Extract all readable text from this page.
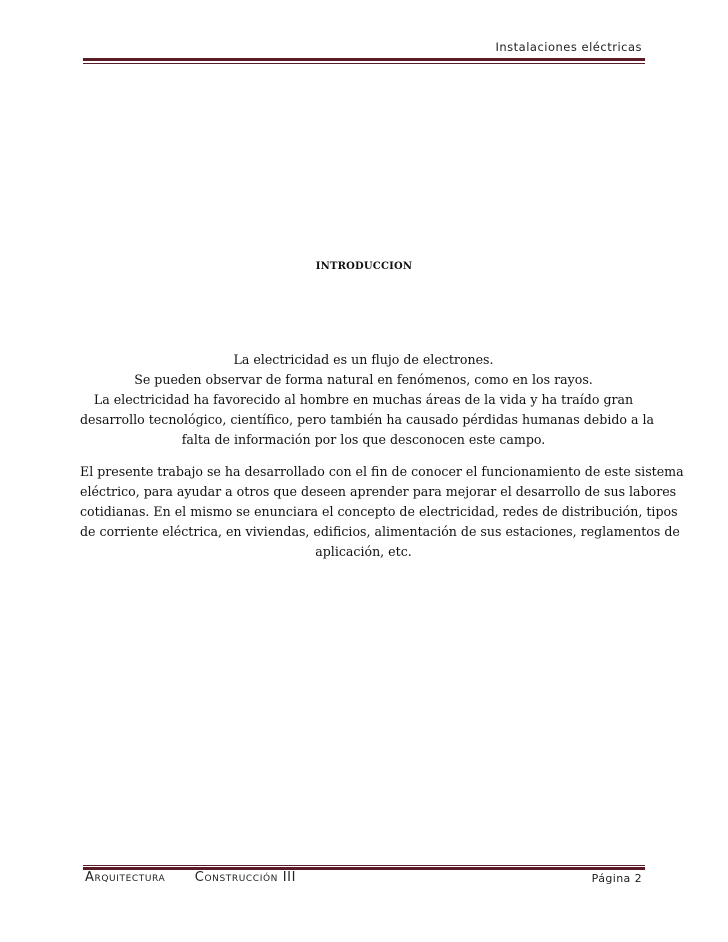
Instalaciones eléctricas
INTRODUCCION
La electricidad es un flujo de electrones.
Se pueden observar de forma natural en fenómenos, como en los rayos.
La electricidad ha favorecido al hombre en muchas áreas de la vida y ha traído gran
desarrollo tecnológico, científico, pero también ha causado pérdidas humanas debido a la
falta de información por los que desconocen este campo.
El presente trabajo se ha desarrollado con el fin de conocer el funcionamiento de este sistema
eléctrico, para ayudar a otros que deseen aprender para mejorar el desarrollo de sus labores
cotidianas. En el mismo se enunciara el concepto de electricidad, redes de distribución, tipos
de corriente eléctrica, en viviendas, edificios, alimentación de sus estaciones, reglamentos de
aplicación, etc.
Arquitectura Construcción III	Página 2
